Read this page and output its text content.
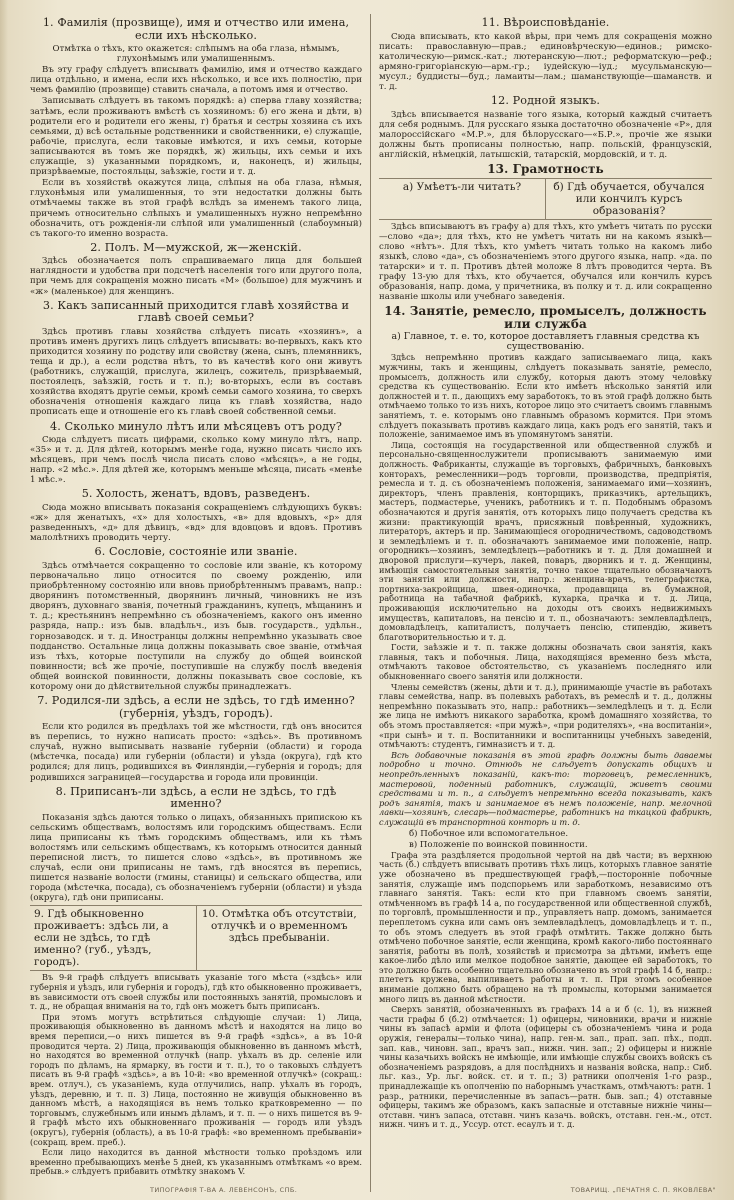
1. Фамилія (прозвище), имя и отчество или имена, если ихъ нѣсколько.

Отмѣтка о тѣхъ, кто окажется: слѣпымъ на оба глаза, нѣмымъ, глухонѣмымъ или умалишеннымъ.

Въ эту графу слѣдуетъ вписывать фамилію, имя и отчество каждаго лица отдѣльно, и имена, если ихъ нѣсколько, и все ихъ полностію, при чемъ фамилію (прозвище) ставить сначала, а потомъ имя и отчество.

Записывать слѣдуетъ въ такомъ порядкѣ: а) сперва главу хозяйства; затѣмъ, если проживаютъ вмѣстѣ съ хозяиномъ: б) его жена и дѣти, в) родители его и родители его жены, г) братья и сестры хозяина съ ихъ семьями, д) всѣ остальные родственники и свойственники, е) служащіе, рабочіе, прислуга, если таковые имѣются, и ихъ семьи, которые записываются въ томъ же порядкѣ, ж) жильцы, ихъ семьи и ихъ служащіе, з) указанными порядкомъ, и, наконецъ, и) жильцы, призрѣваемые, постояльцы, заѣзжіе, гости и т. д.

Если въ хозяйствѣ окажутся лица, слѣпыя на оба глаза, нѣмыя, глухонѣмыя или умалишенныя, то эти недостатки должны быть отмѣчаемы также въ этой графѣ вслѣдъ за именемъ такого лица, причемъ относительно слѣпыхъ и умалишенныхъ нужно непремѣнно обозначить, отъ рожденія-ли слѣпой или умалишенный (слабоумный) съ такого-то именно возраста.

2. Полъ. М—мужской, ж—женскій.

Здѣсь обозначается полъ спрашиваемаго лица для большей наглядности и удобства при подсчетѣ населенія того или другого пола, при чемъ для сокращенія можно писать «М» (большое) для мужчинъ и «ж» (маленькое) для женщинъ.

3. Какъ записанный приходится главѣ хозяйства и главѣ своей семьи?

Здѣсь противъ главы хозяйства слѣдуетъ писать «хозяинъ», а противъ именъ другихъ лицъ слѣдуетъ вписывать: во-первыхъ, какъ кто приходится хозяину по родству или свойству (жена, сынъ, племянникъ, теща и др.), а если родства нѣтъ, то въ качествѣ кого они живутъ (работникъ, служащій, прислуга, жилецъ, сожитель, призрѣваемый, постоялецъ, заѣзжій, гость и т. п.); во-вторыхъ, если въ составъ хозяйства входятъ другіе семьи, кромѣ семьи самого хозяина, то сверхъ обозначенія отношенія каждаго лица къ главѣ хозяйства, надо прописать еще и отношеніе его къ главѣ своей собственной семьи.

4. Сколько минуло лѣтъ или мѣсяцевъ отъ роду?

Сюда слѣдуетъ писать цифрами, сколько кому минуло лѣтъ, напр. «35» и т. д. Для дѣтей, которымъ менѣе года, нужно писать число ихъ мѣсяцевъ, при чемъ послѣ числа писать слово «мѣсяцъ», а не годы, напр. «2 мѣс.». Для дѣтей же, которымъ меньше мѣсяца, писать «менѣе 1 мѣс.».

5. Холость, женатъ, вдовъ, разведенъ.

Сюда можно вписывать показанія сокращеніемъ слѣдующихъ буквъ: «ж» для женатыхъ, «х» для холостыхъ, «в» для вдовыхъ, «р» для разведенныхъ, «д» для дѣвицъ, «вд» для вдовцовъ и вдовъ. Противъ малолѣтнихъ проводить черту.

6. Сословіе, состояніе или званіе.

Здѣсь отмѣчается сокращенно то сословіе или званіе, къ которому первоначально лицо относится по своему рожденію, или приобрѣтенному состоянію или вновь приобрѣтеннымъ правамъ, напр.: дворянинъ потомственный, дворянинъ личный, чиновникъ не изъ дворянъ, духовнаго званія, почетный гражданинъ, купецъ, мѣщанинъ и т. д.; крестьянинъ непремѣнно съ обозначеніемъ, какого онъ именно разряда, напр.: изъ быв. владѣльч., изъ быв. государств., удѣльн., горнозаводск. и т. д. Иностранцы должны непремѣнно указывать свое подданство. Остальные лица должны показывать свое званіе, отмѣчая изъ тѣхъ, которые поступили на службу до общей воинской повинности; всѣ же прочіе, поступившіе на службу послѣ введенія общей воинской повинности, должны показывать свое сословіе, къ которому они до дѣйствительной службы принадлежатъ.

7. Родился-ли здѣсь, а если не здѣсь, то гдѣ именно? (губернія, уѣздъ, городъ).

Если кто родился въ предѣлахъ той же мѣстности, гдѣ онъ вносится въ перепись, то нужно написать просто: «здѣсь». Въ противномъ случаѣ, нужно выписывать названіе губерніи (области) и города (мѣстечка, посада) или губерніи (области) и уѣзда (округа), гдѣ кто родился; для лицъ, родившихся въ Финляндіи,—губернія и городъ; для родившихся заграницей—государства и города или провинціи.

8. Приписанъ-ли здѣсь, а если не здѣсь, то гдѣ именно?

Показанія здѣсь даются только о лицахъ, обязанныхъ припискою къ сельскимъ обществамъ, волостямъ или городскимъ обществамъ. Если лица приписаны къ тѣмъ городскимъ обществамъ, или къ тѣмъ волостямъ или сельскимъ обществамъ, къ которымъ относится данный переписной листъ, то пишется слово «здѣсь», въ противномъ же случаѣ, если они приписаны не тамъ, гдѣ вносятся въ перепись, пишется названіе волости (гмины, станицы) и сельскаго общества, или города (мѣстечка, посада), съ обозначеніемъ губерніи (области) и уѣзда (округа), гдѣ они приписаны.

9. Гдѣ обыкновенно проживаетъ: здѣсь ли, а если не здѣсь, то гдѣ именно? (губ., уѣздъ, городъ).
10. Отмѣтка объ отсутствіи, отлучкѣ и о временномъ здѣсь пребываніи.

Въ 9-й графѣ слѣдуетъ вписывать указаніе того мѣста («здѣсь» или губернія и уѣздъ, или губернія и городъ), гдѣ кто обыкновенно проживаетъ, въ зависимости отъ своей службы или постоянныхъ занятій, промысловъ и т. д., не обращая вниманія на то, гдѣ онъ можетъ быть приписанъ.

При этомъ могутъ встрѣтиться слѣдующіе случаи: 1) Лица, проживающія обыкновенно въ данномъ мѣстѣ и находятся на лицо во время переписи,—о нихъ пишется въ 9-й графѣ «здѣсь», а въ 10-й проводится черта. 2) Лица, проживающія обыкновенно въ данномъ мѣстѣ, но находятся во временной отлучкѣ (напр. уѣхалъ въ др. селеніе или городъ по дѣламъ, на ярмарку, въ гости и т. п.), то о таковыхъ слѣдуетъ писать въ 9-й графѣ «здѣсь», а въ 10-й: «во временной отлучкѣ» (сокращ.: врем. отлуч.), съ указаніемъ, куда отлучились, напр. уѣхалъ въ городъ, уѣздъ, деревню, и т. п. 3) Лица, постоянно не живущія обыкновенно въ данномъ мѣстѣ, а находящіяся въ немъ только кратковременно — по торговымъ, служебнымъ или инымъ дѣламъ, и т. п. — о нихъ пишется въ 9-й графѣ мѣсто ихъ обыкновеннаго проживанія — городъ или уѣздъ (округъ), губернія (область), а въ 10-й графѣ: «во временномъ пребываніи» (сокращ. врем. преб.).

Если лицо находится въ данной мѣстности только проѣздомъ или временно пребывающихъ менѣе 5 дней, къ указаннымъ отмѣткамъ «о врем. пребыв.» слѣдуетъ прибавить отмѣтку знакомъ V.

11. Вѣроисповѣданіе.

Сюда вписывать, кто какой вѣры, при чемъ для сокращенія можно писать: православную—прав.; единовѣрческую—единов.; римско-католическую—римск.-кат.; лютеранскую—лют.; реформатскую—реф.; армяно-григоріанскую—арм.-гр.; іудейскую—іуд.; мусульманскую—мусул.; буддисты—буд.; ламаиты—лам.; шаманствующіе—шаманств. и т. д.

12. Родной языкъ.

Здѣсь вписывается названіе того языка, который каждый считаетъ для себя роднымъ. Для русскаго языка достаточно обозначеніе «Р», для малороссійскаго «М.Р.», для бѣлорусскаго—«Б.Р.», прочіе же языки должны быть прописаны полностью, напр. польскій, французскій, англійскій, нѣмецкій, латышскій, татарскій, мордовскій, и т. д.

13. Грамотность
а) Умѣетъ-ли читать?	б) Гдѣ обучается, обучался или кончилъ курсъ образованія?

Здѣсь вписываютъ въ графу а) для тѣхъ, кто умѣетъ читать по русски—слово «да»; для тѣхъ, кто не умѣетъ читать ни на какомъ языкѣ—слово «нѣтъ». Для тѣхъ, кто умѣетъ читать только на какомъ либо языкѣ, слово «да», съ обозначеніемъ этого другого языка, напр. «да. по татарски» и т. п. Противъ дѣтей моложе 8 лѣтъ проводится черта. Въ графу 13-ую для тѣхъ, кто обучается, обучался или кончилъ курсъ образованія, напр. дома, у причетника, въ полку и т. д. или сокращенно названіе школы или учебнаго заведенія.

14. Занятіе, ремесло, промыселъ, должность или служба

а) Главное, т. е. то, которое доставляетъ главныя средства къ существованію.

Здѣсь непремѣнно противъ каждаго записываемаго лица, какъ мужчины, такъ и женщины, слѣдуетъ показывать занятіе, ремесло, промыселъ, должность или службу, которыя даютъ этому человѣку средства къ существованію. Если кто имѣетъ нѣсколько занятій или должностей и т. п., дающихъ ему заработокъ, то въ этой графѣ должно быть отмѣчаемо только то изъ нихъ, которое лицо это считаетъ своимъ главнымъ занятіемъ, т. е. которымъ оно главнымъ образомъ кормится. При этомъ слѣдуетъ показывать противъ каждаго лица, какъ родъ его занятій, такъ и положеніе, занимаемое имъ въ упомянутомъ занятіи.

Лица, состоящія на государственной или общественной службѣ и персонально-священнослужители прописываютъ занимаемую ими должность. Фабриканты, служащіе въ торговыхъ, фабричныхъ, банковыхъ конторахъ, ремесленники—родъ торговли, производства, предпріятія, ремесла и т. д. съ обозначеніемъ положенія, занимаемаго ими—хозяинъ, директоръ, членъ правленія, конторщикъ, приказчикъ, артельщикъ, мастеръ, подмастерье, ученикъ, работникъ и т. п. Подобнымъ образомъ обозначаются и другія занятія, отъ которыхъ лицо получаетъ средства къ жизни: практикующій врачъ, присяжный повѣренный, художникъ, литераторъ, актеръ и пр. Занимающіеся огородничествомъ, садоводствомъ и земледѣліемъ и т. п. обозначаютъ занимаемое ими положеніе, напр. огородникъ—хозяинъ, земледѣлецъ—работникъ и т. д. Для домашней и дворовой прислуги—кучеръ, лакей, поваръ, дворникъ и т. д. Женщины, имѣющія самостоятельныя занятія, точно такое тщательно обозначаютъ эти занятія или должности, напр.: женщина-врачъ, телеграфистка, портниха-закройщица, швея-одиночка, продавщица въ бумажной, работница на табачной фабрикѣ, кухарка, прачка и т. д. Лица, проживающія исключительно на доходы отъ своихъ недвижимыхъ имуществъ, капиталовъ, на пенсію и т. п., обозначаютъ: землевладѣлецъ, домовладѣлецъ, капиталистъ, получаетъ пенсію, стипендію, живетъ благотворительностью и т. д.

Гости, заѣзжіе и т. п. также должны обозначать свои занятія, какъ главныя, такъ и побочныя. Лица, находящіяся временно безъ мѣста, отмѣчаютъ таковое обстоятельство, съ указаніемъ последняго или обыкновеннаго своего занятія или должности.

Члены семействъ (жены, дѣти и т. д.), принимающіе участіе въ работахъ главы семейства, напр. въ полевыхъ работахъ, въ ремеслѣ и т. д., должны непремѣнно показывать это, напр.: работникъ—земледѣлецъ и т. д. Если же лица не имѣютъ никакого заработка, кромѣ домашняго хозяйства, то объ этомъ проставляется: «при мужѣ», «при родителяхъ», «на воспитаніи», «при сынѣ» и т. п. Воспитанники и воспитанницы учебныхъ заведеній, отмѣчаютъ: студентъ, гимназистъ и т. д.

Всѣ добавочные показанія въ этой графѣ должны быть даваемы подробно и точно. Отнюдь не слѣдуетъ допускать общихъ и неопредѣленныхъ показаній, какъ-то: торговецъ, ремесленникъ, мастеровой, поденный работникъ, служащій, живетъ своими средствами и т. п., а слѣдуетъ непремѣнно всегда показывать, какъ родъ занятія, такъ и занимаемое въ немъ положеніе, напр. мелочной лавки—хозяинъ, слесарь—подмастерье, работникъ на ткацкой фабрикѣ, служащій въ транспортной конторѣ и т. д.

б) Побочное или вспомогательное.

в) Положеніе по воинской повинности.

Графа эта раздѣляется продольной чертой на двѣ части; въ верхнюю часть (б.) слѣдуетъ вписывать противъ тѣхъ лицъ, которыхъ главное занятіе уже обозначено въ предшествующей графѣ,—посторонніе побочные занятія, служащіе имъ подспорьемъ или заработкомъ, независимо отъ главнаго занятія. Такъ: если кто при главномъ своемъ занятіи, отмѣченномъ въ графѣ 14 а, по государственной или общественной службѣ, по торговлѣ, промышленности и пр., управляетъ напр. домомъ, занимается переплетомъ сукна или самъ онъ землевладѣлецъ, домовладѣлецъ и т. п., то объ этомъ следуетъ въ этой графѣ отмѣтить. Также должно быть отмѣчено побочное занятіе, если женщина, кромѣ какого-либо постояннаго занятія, работы въ полѣ, хозяйствѣ и присмотра за дѣтьми, имѣетъ еще какое-либо дѣло или мелкое подобное занятіе, дающее ей заработокъ, то это должно быть особенно тщательно обозначено въ этой графѣ 14 б, напр.: плететъ кружева, выпиливаетъ работы и т. п. При этомъ особенное вниманіе должно быть обращено на тѣ промыслы, которыми занимается много лицъ въ данной мѣстности.

Сверхъ занятій, обозначенныхъ въ графахъ 14 а и б (с. 1), въ нижней части графы б (б.2) отмѣчается: 1) офицеры, чиновники, врачи и нижніе чины въ запасѣ арміи и флота (офицеры съ обозначеніемъ чина и рода оружія, генералы—только чина), напр. ген-м. зап., прап. зап. пѣх., подп. зап. кав., чиновн. зап., врачъ зап., нижн. чин. зап.; 2) офицеры и нижніе чины казачьихъ войскъ не имѣющіе, или имѣющіе службы своихъ войскъ съ обозначеніемъ разрядовъ, а для послѣднихъ и названія войска, напр.: Сиб. льг. каз., Ур. льг. войск. ст. и т. п.; 3) ратники ополченія 1-го разр., принадлежащіе къ ополченію по наборнымъ участкамъ, отмѣчаютъ: ратн. 1 разр., ратники, перечисленные въ запасъ—ратн. быв. зап.; 4) отставные офицеры, такимъ же образомъ, какъ запасные и отставные нижніе чины—отставн. чинъ запаса, отставн. чинъ казачь. войскъ, отставн. ген.-м., отст. нижн. чинъ и т. д., Уссур. отст. есаулъ и т. д.

ТИПОГРАФІЯ Т-ВА А. ЛЕВЕНСОНЪ, СПБ.	ТОВАРИЩ. „ПЕЧАТНЯ С. П. ЯКОВЛЕВА"
